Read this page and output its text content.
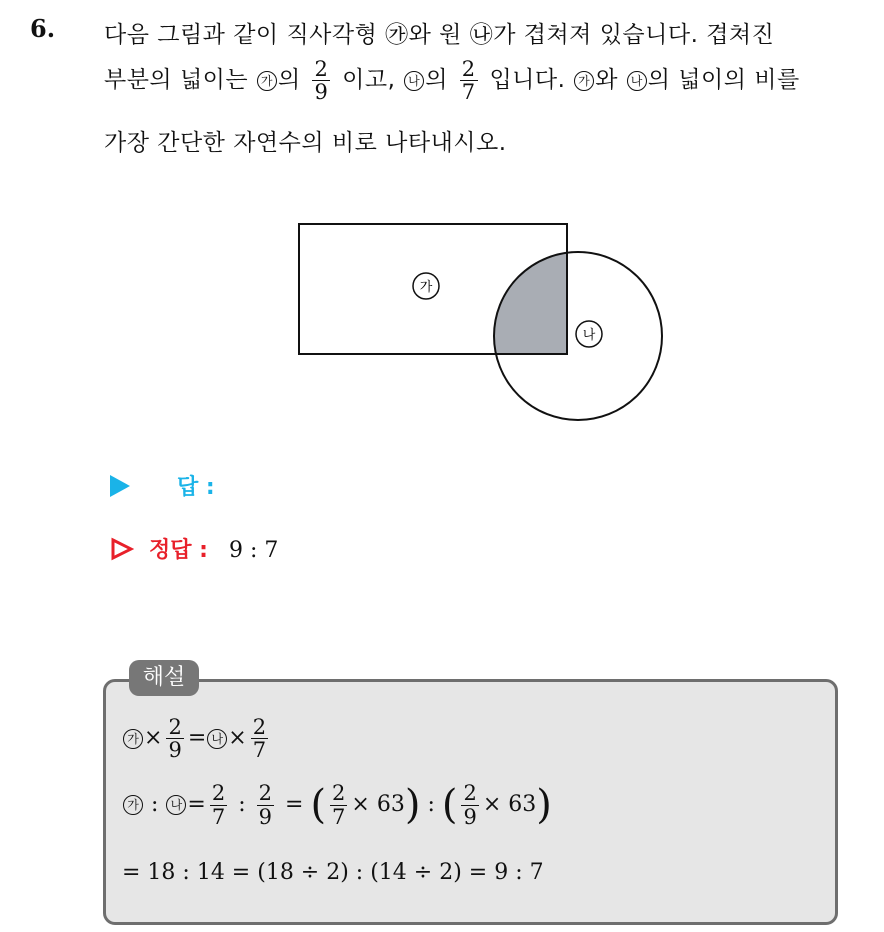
6. 다음 그림과 같이 직사각형 ㉮와 원 ㉯가 겹쳐져 있습니다. 겹쳐진
부분의 넓이는 가 의 $\frac{2}{9}$ 이고, 나 의 $\frac{2}{7}$ 입니다. 가 와 나 의 넓이의 비를
가장 간단한 자연수의 비로 나타내시오.
가
나
답 :
정답 : 9 : 7
해설
가 × $\frac{2}{9}$ = 나 × $\frac{2}{7}$
가 : 나 = $\frac{2}{7}$ : $\frac{2}{9}$ = ( $\frac{2}{7} \times 63$) : ( $\frac{2}{9} \times 63$)
= 18 : 14 = (18 ÷ 2) : (14 ÷ 2) = 9 : 7
